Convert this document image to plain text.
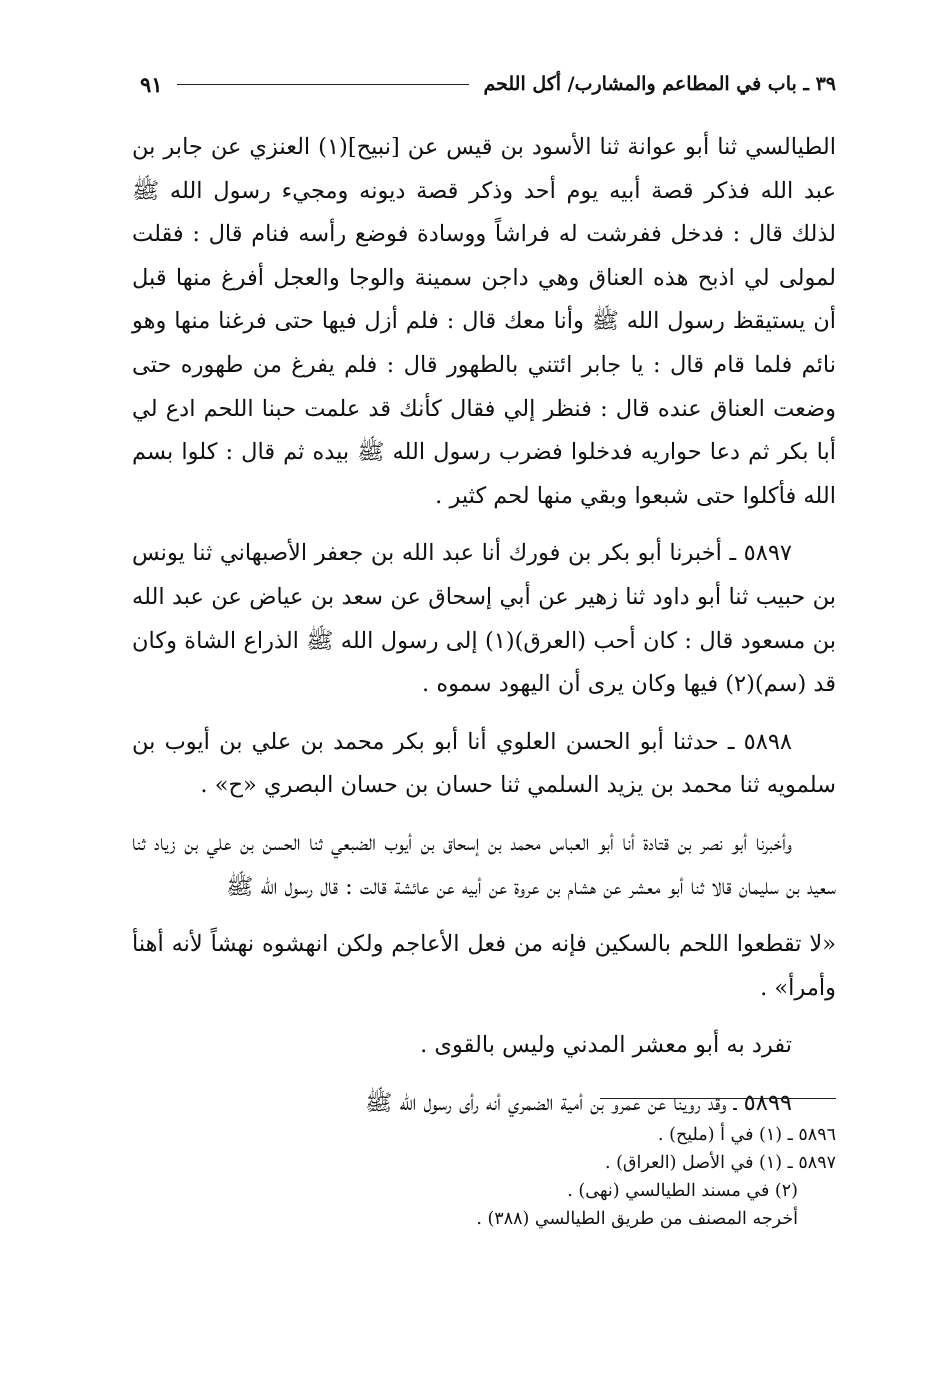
٣٩ ـ باب في المطاعم والمشارب/ أكل اللحم
٩١

الطيالسي ثنا أبو عوانة ثنا الأسود بن قيس عن [نبيح](١) العنزي عن جابر بن عبد الله فذكر قصة أبيه يوم أحد وذكر قصة ديونه ومجيء رسول الله ﷺ لذلك قال : فدخل ففرشت له فراشاً ووسادة فوضع رأسه فنام قال : فقلت لمولى لي اذبح هذه العناق وهي داجن سمينة والوجا والعجل أفرغ منها قبل أن يستيقظ رسول الله ﷺ وأنا معك قال : فلم أزل فيها حتى فرغنا منها وهو نائم فلما قام قال : يا جابر ائتني بالطهور قال : فلم يفرغ من طهوره حتى وضعت العناق عنده قال : فنظر إلي فقال كأنك قد علمت حبنا اللحم ادع لي أبا بكر ثم دعا حواريه فدخلوا فضرب رسول الله ﷺ بيده ثم قال : كلوا بسم الله فأكلوا حتى شبعوا وبقي منها لحم كثير .

٥٨٩٧ ـ أخبرنا أبو بكر بن فورك أنا عبد الله بن جعفر الأصبهاني ثنا يونس بن حبيب ثنا أبو داود ثنا زهير عن أبي إسحاق عن سعد بن عياض عن عبد الله بن مسعود قال : كان أحب (العرق)(١) إلى رسول الله ﷺ الذراع الشاة وكان قد (سم)(٢) فيها وكان يرى أن اليهود سموه .

٥٨٩٨ ـ حدثنا أبو الحسن العلوي أنا أبو بكر محمد بن علي بن أيوب بن سلمويه ثنا محمد بن يزيد السلمي ثنا حسان بن حسان البصري «ح» .

وأخبرنا أبو نصر بن قتادة أنا أبو العباس محمد بن إسحاق بن أيوب الضبعي ثنا الحسن بن علي بن زياد ثنا سعيد بن سليمان قالا ثنا أبو معشر عن هشام بن عروة عن أبيه عن عائشة قالت : قال رسول الله ﷺ

«لا تقطعوا اللحم بالسكين فإنه من فعل الأعاجم ولكن انهشوه نهشاً لأنه أهنأ وأمرأ» .

تفرد به أبو معشر المدني وليس بالقوى .

٥٨٩٩ ـ وقد روينا عن عمرو بن أمية الضمري أنه رأى رسول الله ﷺ

٥٨٩٦ ـ (١) في أ (مليح) .

٥٨٩٧ ـ (١) في الأصل (العراق) .

(٢) في مسند الطيالسي (نهى) .

أخرجه المصنف من طريق الطيالسي (٣٨٨) .
